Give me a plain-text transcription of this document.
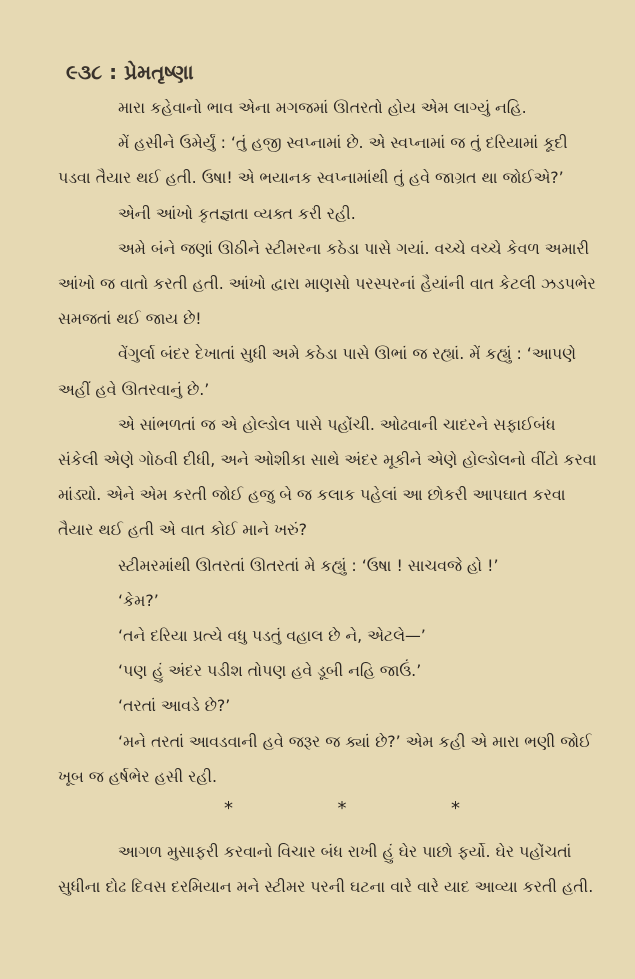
૯૩૮ : પ્રેમતૃષ્ણા

મારા કહેવાનો ભાવ એના મગજમાં ઊતરતો હોય એમ લાગ્યું નહિ.

મેં હસીને ઉમેર્યું : ‘તું હજી સ્વપ્નામાં છે. એ સ્વપ્નામાં જ તું દરિયામાં કૂદી પડવા તૈયાર થઈ હતી. ઉષા! એ ભયાનક સ્વપ્નામાંથી તું હવે જાગ્રત થા જોઈએ?’

એની આંખો કૃતજ્ઞતા વ્યક્ત કરી રહી.

અમે બંને જણાં ઊઠીને સ્ટીમરના કઠેડા પાસે ગયાં. વચ્ચે વચ્ચે કેવળ અમારી આંખો જ વાતો કરતી હતી. આંખો દ્વારા માણસો પરસ્પરનાં હૈયાંની વાત કેટલી ઝડપભેર સમજતાં થઈ જાય છે!

વેંગુર્લા બંદર દેખાતાં સુધી અમે કઠેડા પાસે ઊભાં જ રહ્યાં. મેં કહ્યું : ‘આપણે અહીં હવે ઊતરવાનું છે.’

એ સાંભળતાં જ એ હોલ્ડોલ પાસે પહોંચી. ઓઢવાની ચાદરને સફાઈબંધ સંકેલી એણે ગોઠવી દીધી, અને ઓશીકા સાથે અંદર મૂકીને એણે હોલ્ડોલનો વીંટો કરવા માંડ્યો. એને એમ કરતી જોઈ હજુ બે જ કલાક પહેલાં આ છોકરી આપઘાત કરવા તૈયાર થઈ હતી એ વાત કોઈ માને ખરું?

સ્ટીમરમાંથી ઊતરતાં ઊતરતાં મે કહ્યું : ‘ઉષા ! સાચવજે હો !’

‘કેમ?’

‘તને દરિયા પ્રત્યે વધુ પડતું વહાલ છે ને, એટલે—’

‘પણ હું અંદર પડીશ તોપણ હવે ડૂબી નહિ જાઉં.’

‘તરતાં આવડે છે?’

‘મને તરતાં આવડવાની હવે જરૂર જ ક્યાં છે?’ એમ કહી એ મારા ભણી જોઈ ખૂબ જ હર્ષભેર હસી રહી.

*	*	*

આગળ મુસાફરી કરવાનો વિચાર બંધ રાખી હું ઘેર પાછો ફર્યો. ઘેર પહોંચતાં સુધીના દોઢ દિવસ દરમિયાન મને સ્ટીમર પરની ઘટના વારે વારે યાદ આવ્યા કરતી હતી.
